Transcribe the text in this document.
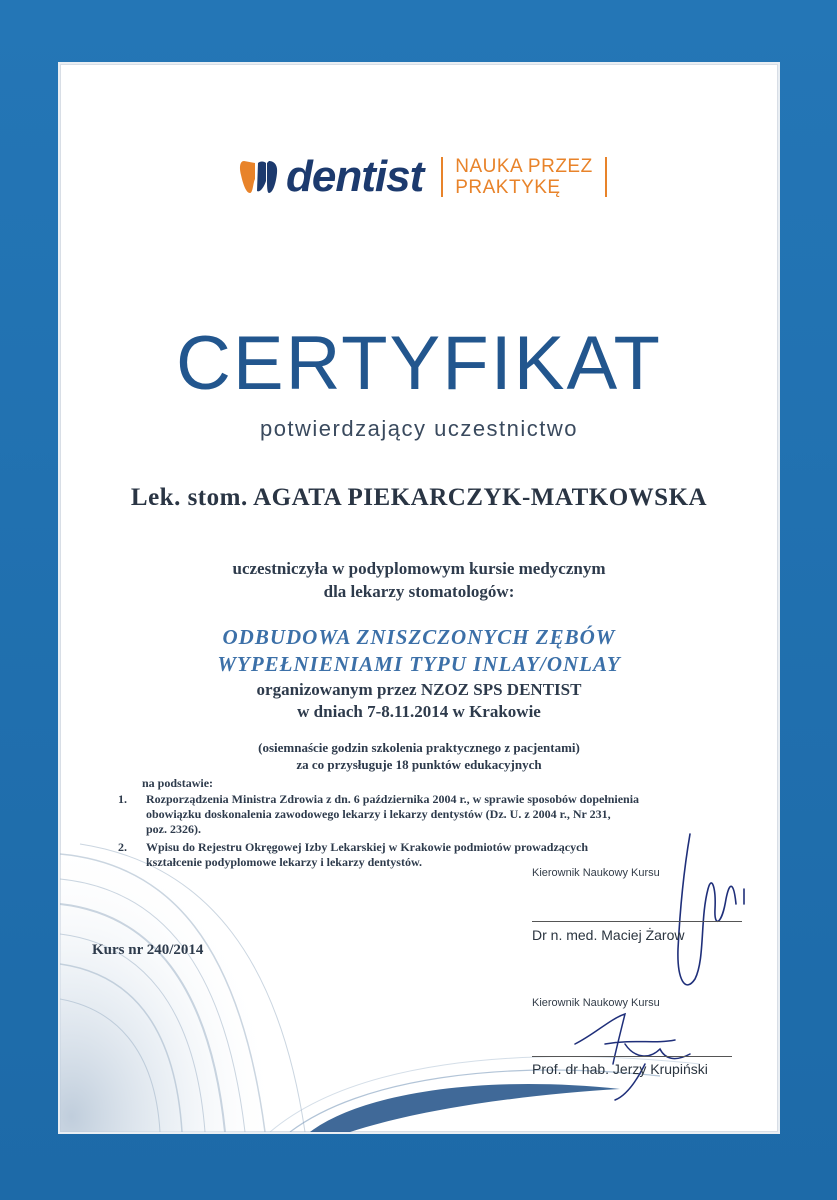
dentist NAUKA PRZEZ
PRAKTYKĘ
CERTYFIKAT
potwierdzający uczestnictwo
Lek. stom. AGATA PIEKARCZYK-MATKOWSKA
uczestniczyła w podyplomowym kursie medycznym
dla lekarzy stomatologów:
ODBUDOWA ZNISZCZONYCH ZĘBÓW
WYPEŁNIENIAMI TYPU INLAY/ONLAY
organizowanym przez NZOZ SPS DENTIST
w dniach 7-8.11.2014 w Krakowie
(osiemnaście godzin szkolenia praktycznego z pacjentami)
za co przysługuje 18 punktów edukacyjnych
na podstawie:
1. Rozporządzenia Ministra Zdrowia z dn. 6 października 2004 r., w sprawie sposobów dopełnienia
obowiązku doskonalenia zawodowego lekarzy i lekarzy dentystów (Dz. U. z 2004 r., Nr 231,
poz. 2326).
2. Wpisu do Rejestru Okręgowej Izby Lekarskiej w Krakowie podmiotów prowadzących
kształcenie podyplomowe lekarzy i lekarzy dentystów.
Kurs nr 240/2014
Kierownik Naukowy Kursu
Dr n. med. Maciej Żarow
Kierownik Naukowy Kursu
Prof. dr hab. Jerzy Krupiński
